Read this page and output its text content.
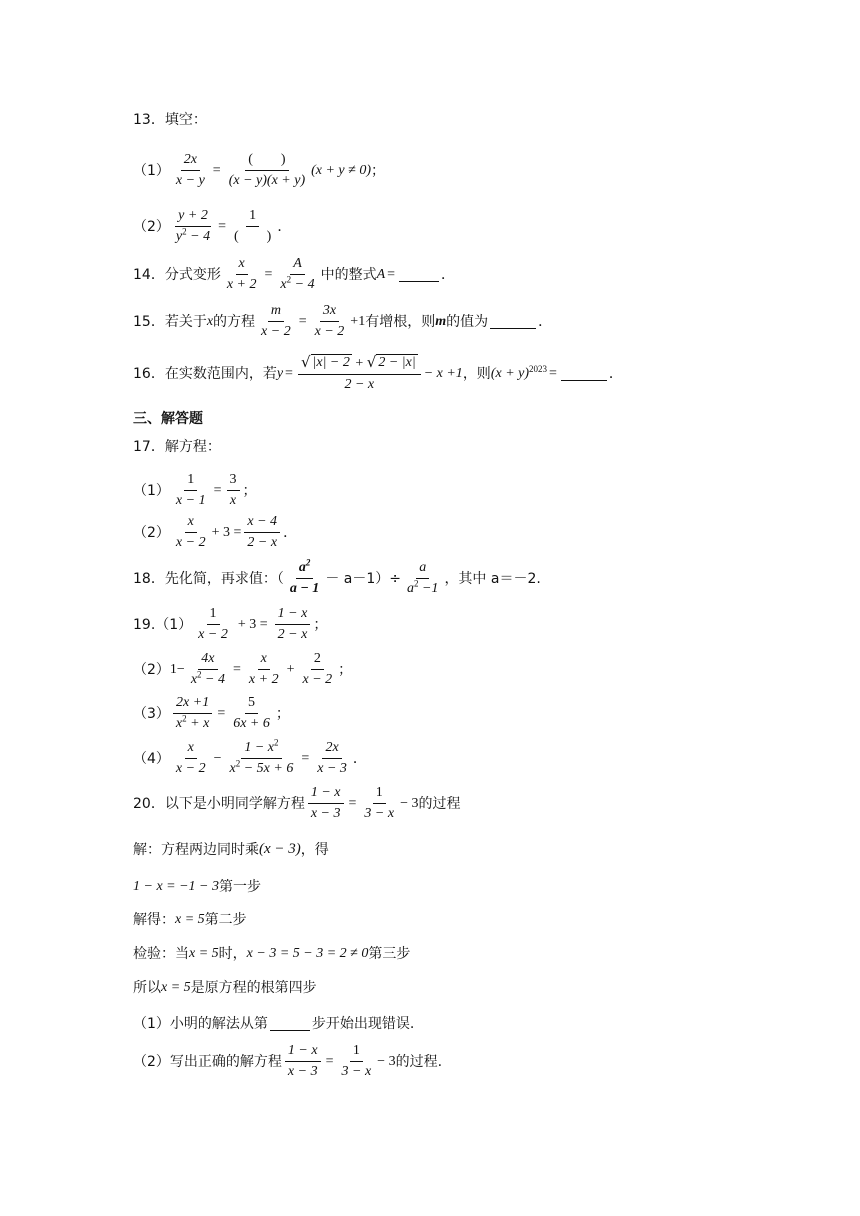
13．填空：
$(1) \frac{2x}{x - y} = \frac{( )}{(x - y)(x + y)} (x + y \ne 0)$ ；
$(2) \frac{y + 2}{y^2 - 4} = \frac{1}{( )}$ ．
14．分式变形 $\frac{x}{x + 2} = \frac{A}{x^2 - 4}$ 中的整式 A =	．
15．若关于 x 的方程 $\frac{m}{x - 2} = \frac{3x}{x - 2} +1$ 有增根，则 m 的值为	．
16．在实数范围内，若 $y = \frac{√ |x| - 2 + √ 2 - |x|}{2 - x} - x +1$ ，则 (x + y) 2023 =	．
三、解答题
17．解方程：
$(1) \frac{1}{x - 1} = \frac{3}{x}$ ；
$(2) \frac{x}{x - 2} + 3 = \frac{x - 4}{2 - x}$ ．
18．先化简，再求值：（ $\frac{a^2}{a - 1} - a-1)\div \frac{a}{a^2 -1}$ ，其中 a＝－2.
$19.(1) \frac{1}{x - 2} + 3 = \frac{1 - x}{2 - x}$ ；
（2） $1- \frac{4x}{x^2 - 4} = \frac{x}{x + 2} + \frac{2}{x - 2}$ ；
$(3) \frac{2x +1}{x^2 + x} = \frac{5}{6x + 6}$ ；
$(4) \frac{x}{x - 2} - \frac{1 - x^2}{x^2 - 5x + 6} = \frac{2x}{x - 3}$ ．
20．以下是小明同学解方程 $\frac{1 - x}{x - 3} = \frac{1}{3 - x} - 3$ 的过程
解：方程两边同时乘 (x − 3) ，得
1 − x = −1 − 3 第一步
解得： x = 5 第二步
检验：当 x = 5 时， x − 3 = 5 − 3 = 2 ≠ 0 第三步
所以 x = 5 是原方程的根第四步
（1）小明的解法从第	步开始出现错误.
（2）写出正确的解方程 $\frac{1 - x}{x - 3} = \frac{1}{3 - x} - 3$ 的过程.
